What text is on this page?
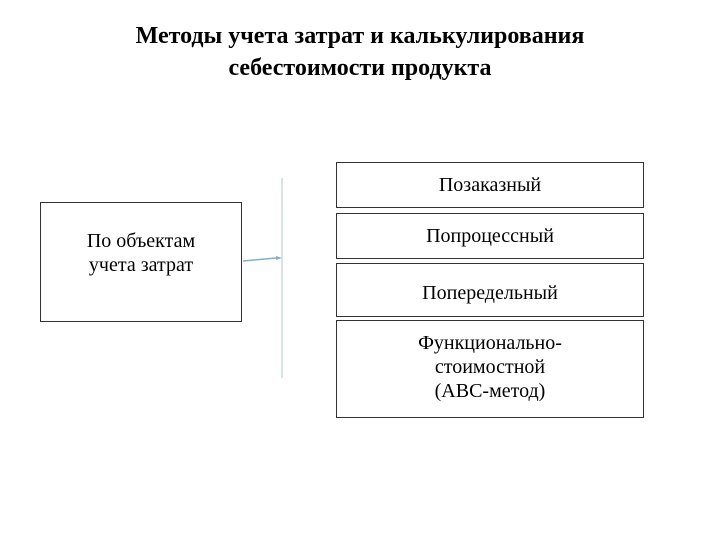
Методы учета затрат и калькулирования
себестоимости продукта
По объектам
учета затрат
Позаказный
Попроцессный
Попередельный
Функционально-
стоимостной
(АВС-метод)
